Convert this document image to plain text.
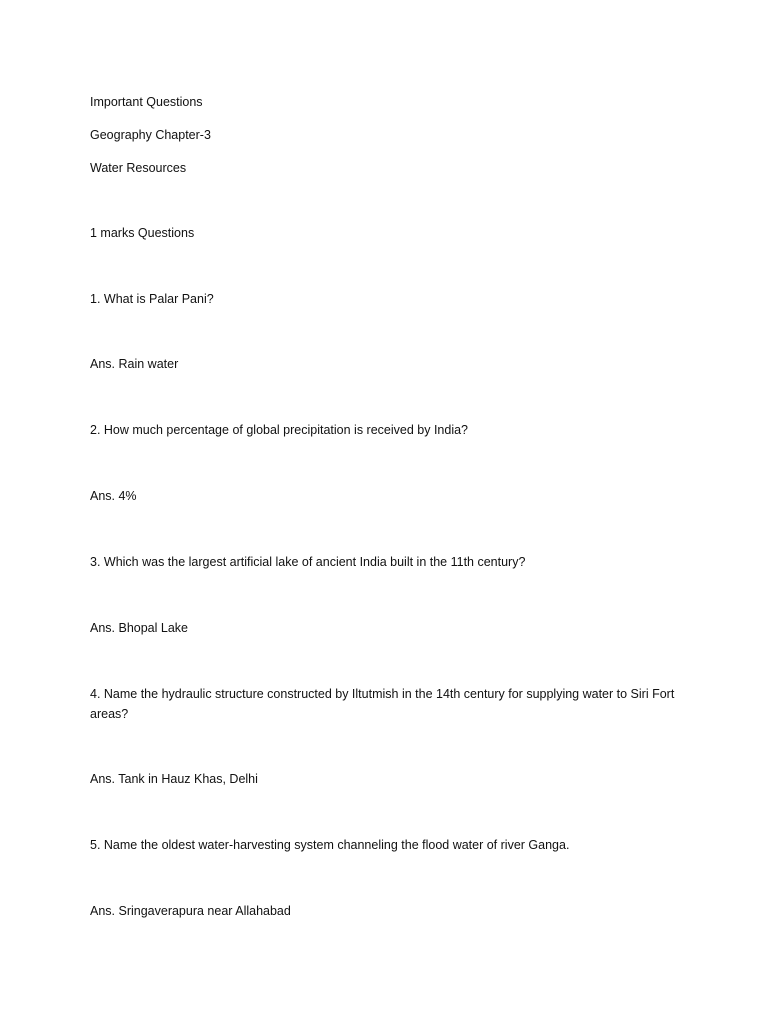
Important Questions

Geography Chapter-3

Water Resources

1 marks Questions

1. What is Palar Pani?

Ans. Rain water

2. How much percentage of global precipitation is received by India?

Ans. 4%

3. Which was the largest artificial lake of ancient India built in the 11th century?

Ans. Bhopal Lake

4. Name the hydraulic structure constructed by Iltutmish in the 14th century for supplying water to Siri Fort areas?

Ans. Tank in Hauz Khas, Delhi

5. Name the oldest water-harvesting system channeling the flood water of river Ganga.

Ans. Sringaverapura near Allahabad
